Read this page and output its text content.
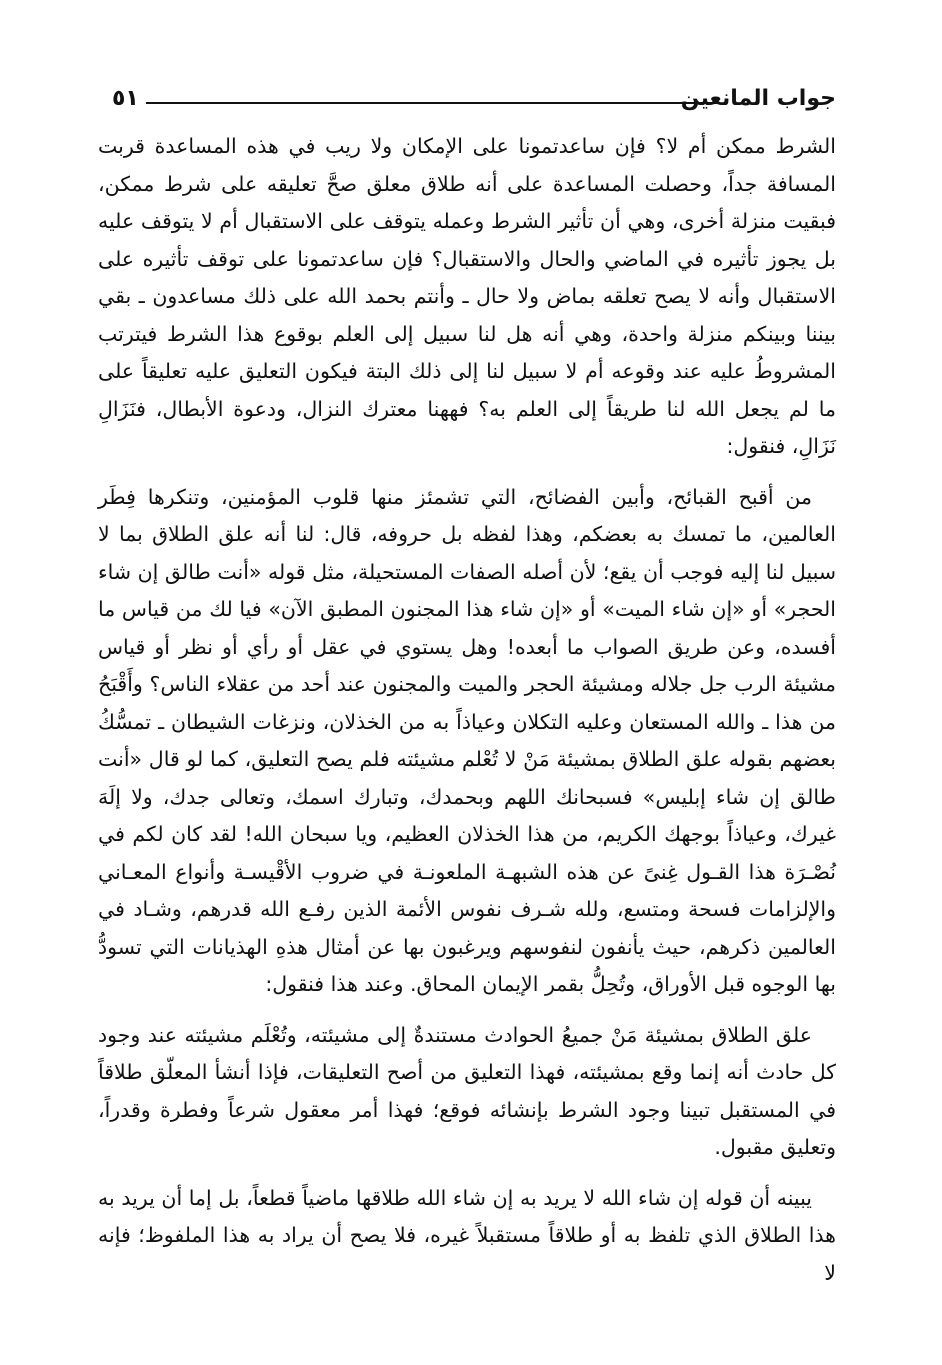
جواب المانعين
٥١

الشرط ممكن أم لا؟ فإن ساعدتمونا على الإمكان ولا ريب في هذه المساعدة قربت المسافة جداً، وحصلت المساعدة على أنه طلاق معلق صحَّ تعليقه على شرط ممكن، فبقيت منزلة أخرى، وهي أن تأثير الشرط وعمله يتوقف على الاستقبال أم لا يتوقف عليه بل يجوز تأثيره في الماضي والحال والاستقبال؟ فإن ساعدتمونا على توقف تأثيره على الاستقبال وأنه لا يصح تعلقه بماض ولا حال ـ وأنتم بحمد الله على ذلك مساعدون ـ بقي بيننا وبينكم منزلة واحدة، وهي أنه هل لنا سبيل إلى العلم بوقوع هذا الشرط فيترتب المشروطُ عليه عند وقوعه أم لا سبيل لنا إلى ذلك البتة فيكون التعليق عليه تعليقاً على ما لم يجعل الله لنا طريقاً إلى العلم به؟ فههنا معترك النزال، ودعوة الأبطال، فنَزَالِ نَزَالِ، فنقول:

من أقبح القبائح، وأبين الفضائح، التي تشمئز منها قلوب المؤمنين، وتنكرها فِطَر العالمين، ما تمسك به بعضكم، وهذا لفظه بل حروفه، قال: لنا أنه علق الطلاق بما لا سبيل لنا إليه فوجب أن يقع؛ لأن أصله الصفات المستحيلة، مثل قوله «أنت طالق إن شاء الحجر» أو «إن شاء الميت» أو «إن شاء هذا المجنون المطبق الآن» فيا لك من قياس ما أفسده، وعن طريق الصواب ما أبعده! وهل يستوي في عقل أو رأي أو نظر أو قياس مشيئة الرب جل جلاله ومشيئة الحجر والميت والمجنون عند أحد من عقلاء الناس؟ وأَقْبَحُ من هذا ـ والله المستعان وعليه التكلان وعياذاً به من الخذلان، ونزغات الشيطان ـ تمسُّكُ بعضهم بقوله علق الطلاق بمشيئة مَنْ لا تُعْلم مشيئته فلم يصح التعليق، كما لو قال «أنت طالق إن شاء إبليس» فسبحانك اللهم وبحمدك، وتبارك اسمك، وتعالى جدك، ولا إلَهَ غيرك، وعياذاً بوجهك الكريم، من هذا الخذلان العظيم، ويا سبحان الله! لقد كان لكم في نُصْـرَة هذا القـول غِنىً عن هذه الشبهـة الملعونـة في ضروب الأقْيسـة وأنواع المعـاني والإلزامات فسحة ومتسع، ولله شـرف نفوس الأئمة الذين رفـع الله قدرهم، وشـاد في العالمين ذكرهم، حيث يأنفون لنفوسهم ويرغبون بها عن أمثال هذهِ الهذيانات التي تسودُّ بها الوجوه قبل الأوراق، وتُحِلُّ بقمر الإيمان المحاق. وعند هذا فنقول:

علق الطلاق بمشيئة مَنْ جميعُ الحوادث مستندةٌ إلى مشيئته، وتُعْلَم مشيئته عند وجود كل حادث أنه إنما وقع بمشيئته، فهذا التعليق من أصح التعليقات، فإذا أنشأ المعلّق طلاقاً في المستقبل تبينا وجود الشرط بإنشائه فوقع؛ فهذا أمر معقول شرعاً وفطرة وقدراً، وتعليق مقبول.

يبينه أن قوله إن شاء الله لا يريد به إن شاء الله طلاقها ماضياً قطعاً، بل إما أن يريد به هذا الطلاق الذي تلفظ به أو طلاقاً مستقبلاً غيره، فلا يصح أن يراد به هذا الملفوظ؛ فإنه لا
